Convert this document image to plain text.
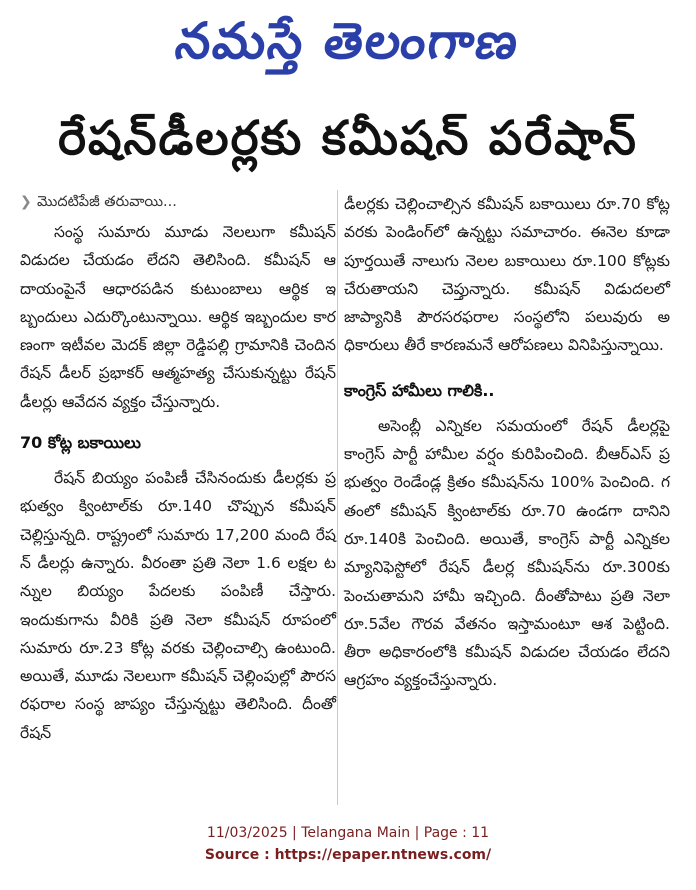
నమస్తే తెలంగాణ
రేషన్‌డీలర్లకు కమీషన్ పరేషాన్
❯ మొదటిపేజీ తరువాయి...

సంస్థ సుమారు మూడు నెలలుగా కమీషన్ విడుదల చేయడం లేదని తెలిసింది. కమీషన్ ఆదాయంపైనే ఆధారపడిన కుటుంబాలు ఆర్థిక ఇబ్బందులు ఎదుర్కొంటున్నాయి. ఆర్థిక ఇబ్బందుల కారణంగా ఇటీవల మెదక్ జిల్లా రెడ్డిపల్లి గ్రామానికి చెందిన రేషన్ డీలర్ ప్రభాకర్ ఆత్మహత్య చేసుకున్నట్టు రేషన్ డీలర్లు ఆవేదన వ్యక్తం చేస్తున్నారు.

70 కోట్ల బకాయిలు

రేషన్ బియ్యం పంపిణీ చేసినందుకు డీలర్లకు ప్రభుత్వం క్వింటాల్‌కు రూ.140 చొప్పున కమీషన్ చెల్లిస్తున్నది. రాష్ట్రంలో సుమారు 17,200 మంది రేషన్ డీలర్లు ఉన్నారు. వీరంతా ప్రతి నెలా 1.6 లక్షల టన్నుల బియ్యం పేదలకు పంపిణీ చేస్తారు. ఇందుకుగాను వీరికి ప్రతి నెలా కమీషన్ రూపంలో సుమారు రూ.23 కోట్ల వరకు చెల్లించాల్సి ఉంటుంది. అయితే, మూడు నెలలుగా కమీషన్ చెల్లింపుల్లో పౌరసరఫరాల సంస్థ జాప్యం చేస్తున్నట్టు తెలిసింది. దీంతో రేషన్

డీలర్లకు చెల్లించాల్సిన కమీషన్ బకాయిలు రూ.70 కోట్ల వరకు పెండింగ్‌లో ఉన్నట్టు సమాచారం. ఈనెల కూడా పూర్తయితే నాలుగు నెలల బకాయిలు రూ.100 కోట్లకు చేరుతాయని చెప్తున్నారు. కమీషన్ విడుదలలో జాప్యానికి పౌరసరఫరాల సంస్థలోని పలువురు అధికారులు తీరే కారణమనే ఆరోపణలు వినిపిస్తున్నాయి.

కాంగ్రెస్ హామీలు గాలికి..

అసెంబ్లీ ఎన్నికల సమయంలో రేషన్ డీలర్లపై కాంగ్రెస్ పార్టీ హామీల వర్షం కురిపించింది. బీఆర్‌ఎస్ ప్రభుత్వం రెండేండ్ల క్రితం కమీషన్‌ను 100% పెంచింది. గతంలో కమీషన్ క్వింటాల్‌కు రూ.70 ఉండగా దానిని రూ.140కి పెంచింది. అయితే, కాంగ్రెస్ పార్టీ ఎన్నికల మ్యానిఫెస్టోలో రేషన్ డీలర్ల కమీషన్‌ను రూ.300కు పెంచుతామని హామీ ఇచ్చింది. దీంతోపాటు ప్రతి నెలా రూ.5వేల గౌరవ వేతనం ఇస్తామంటూ ఆశ పెట్టింది. తీరా అధికారంలోకి కమీషన్ విడుదల చేయడం లేదని ఆగ్రహం వ్యక్తంచేస్తున్నారు.

11/03/2025 | Telangana Main | Page : 11
Source : https://epaper.ntnews.com/
